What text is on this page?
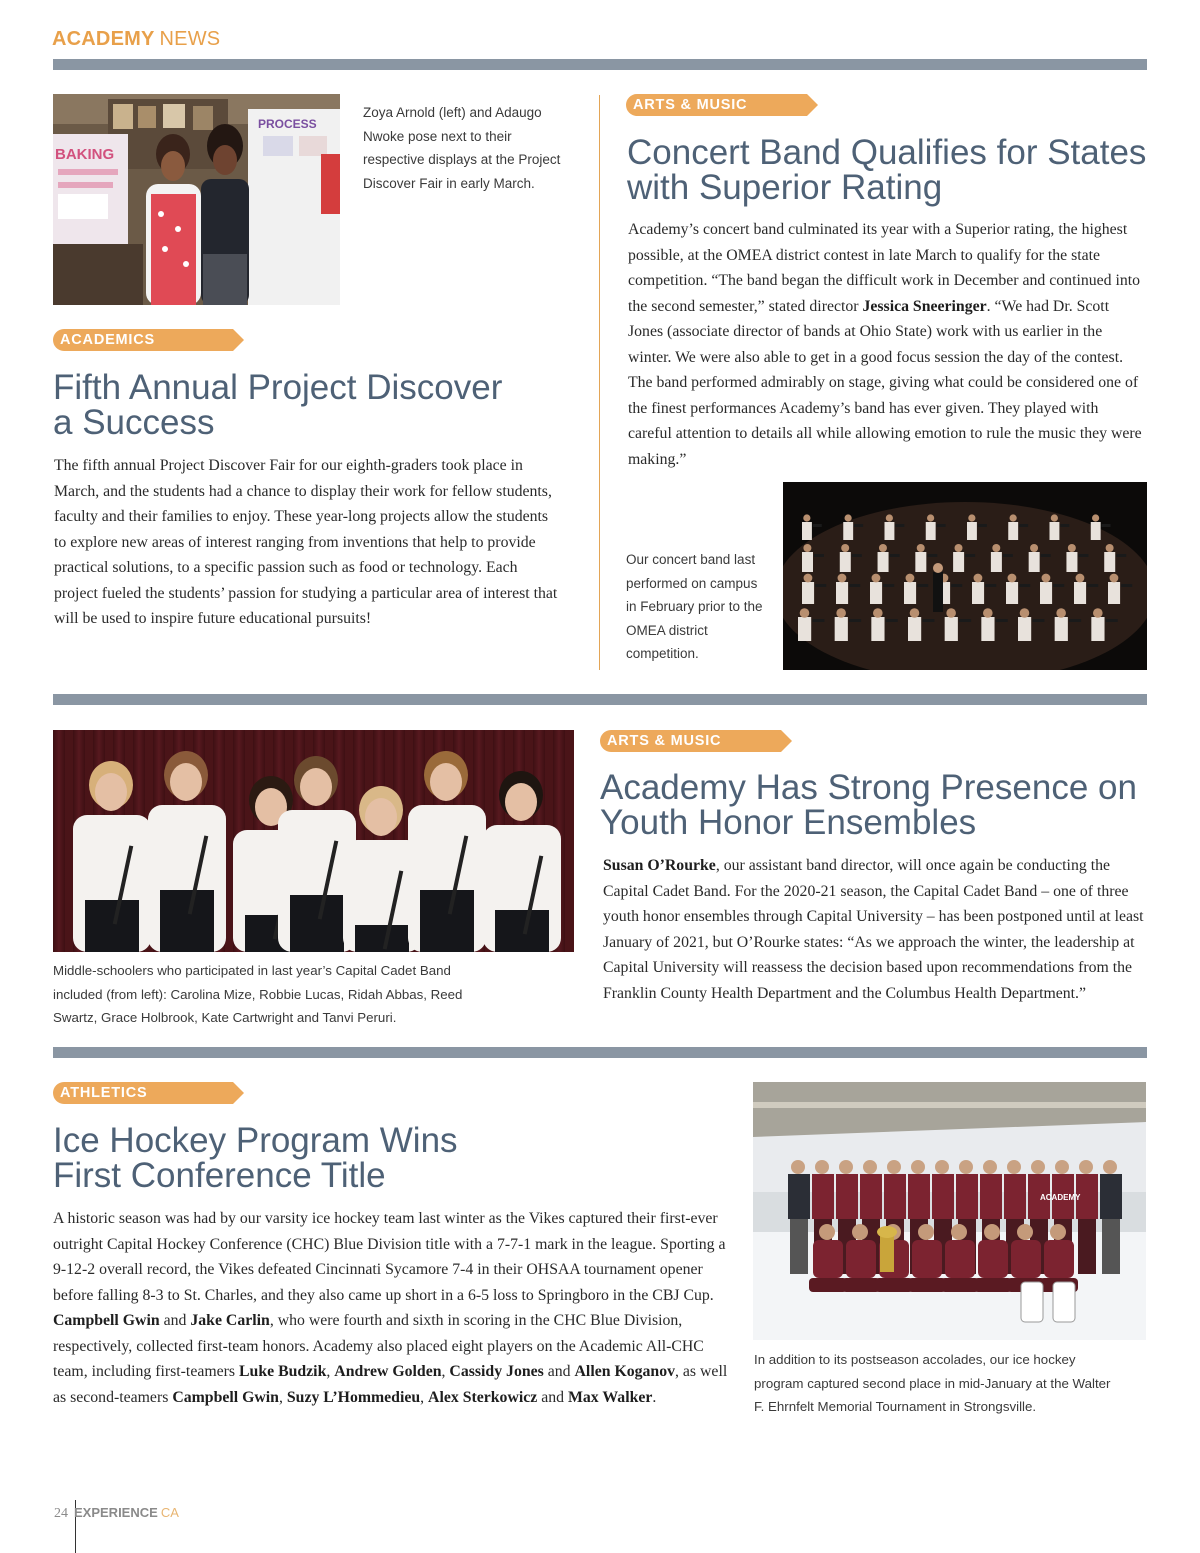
ACADEMY NEWS
BAKING
PROCESS
Zoya Arnold (left) and Adaugo Nwoke pose next to their respective displays at the Project Discover Fair in early March.
ACADEMICS
Fifth Annual Project Discover
a Success

The fifth annual Project Discover Fair for our eighth-graders took place in March, and the students had a chance to display their work for fellow students, faculty and their families to enjoy. These year-long projects allow the students to explore new areas of interest ranging from inventions that help to provide practical solutions, to a specific passion such as food or technology. Each project fueled the students’ passion for studying a particular area of interest that will be used to inspire future educational pursuits!

ARTS & MUSIC
Concert Band Qualifies for States
with Superior Rating

Academy’s concert band culminated its year with a Superior rating, the highest possible, at the OMEA district contest in late March to qualify for the state competition. “The band began the difficult work in December and continued into the second semester,” stated director Jessica Sneeringer. “We had Dr. Scott Jones (associate director of bands at Ohio State) work with us earlier in the winter. We were also able to get in a good focus session the day of the contest. The band performed admirably on stage, giving what could be considered one of the finest performances Academy’s band has ever given. They played with careful attention to details all while allowing emotion to rule the music they were making.”

Our concert band last performed on campus in February prior to the OMEA district competition.
Middle-schoolers who participated in last year’s Capital Cadet Band included (from left): Carolina Mize, Robbie Lucas, Ridah Abbas, Reed Swartz, Grace Holbrook, Kate Cartwright and Tanvi Peruri.
ARTS & MUSIC
Academy Has Strong Presence on
Youth Honor Ensembles

Susan O’Rourke, our assistant band director, will once again be conducting the Capital Cadet Band. For the 2020-21 season, the Capital Cadet Band – one of three youth honor ensembles through Capital University – has been postponed until at least January of 2021, but O’Rourke states: “As we approach the winter, the leadership at Capital University will reassess the decision based upon recommendations from the Franklin County Health Department and the Columbus Health Department.”

ATHLETICS
Ice Hockey Program Wins
First Conference Title

A historic season was had by our varsity ice hockey team last winter as the Vikes captured their first-ever outright Capital Hockey Conference (CHC) Blue Division title with a 7-7-1 mark in the league. Sporting a 9-12-2 overall record, the Vikes defeated Cincinnati Sycamore 7-4 in their OHSAA tournament opener before falling 8-3 to St. Charles, and they also came up short in a 6-5 loss to Springboro in the CBJ Cup. Campbell Gwin and Jake Carlin, who were fourth and sixth in scoring in the CHC Blue Division, respectively, collected first-team honors. Academy also placed eight players on the Academic All-CHC team, including first-teamers Luke Budzik, Andrew Golden, Cassidy Jones and Allen Koganov, as well as second-teamers Campbell Gwin, Suzy L’Hommedieu, Alex Sterkowicz and Max Walker.

ACADEMY
In addition to its postseason accolades, our ice hockey program captured second place in mid-January at the Walter F. Ehrnfelt Memorial Tournament in Strongsville.
24 EXPERIENCE CA
